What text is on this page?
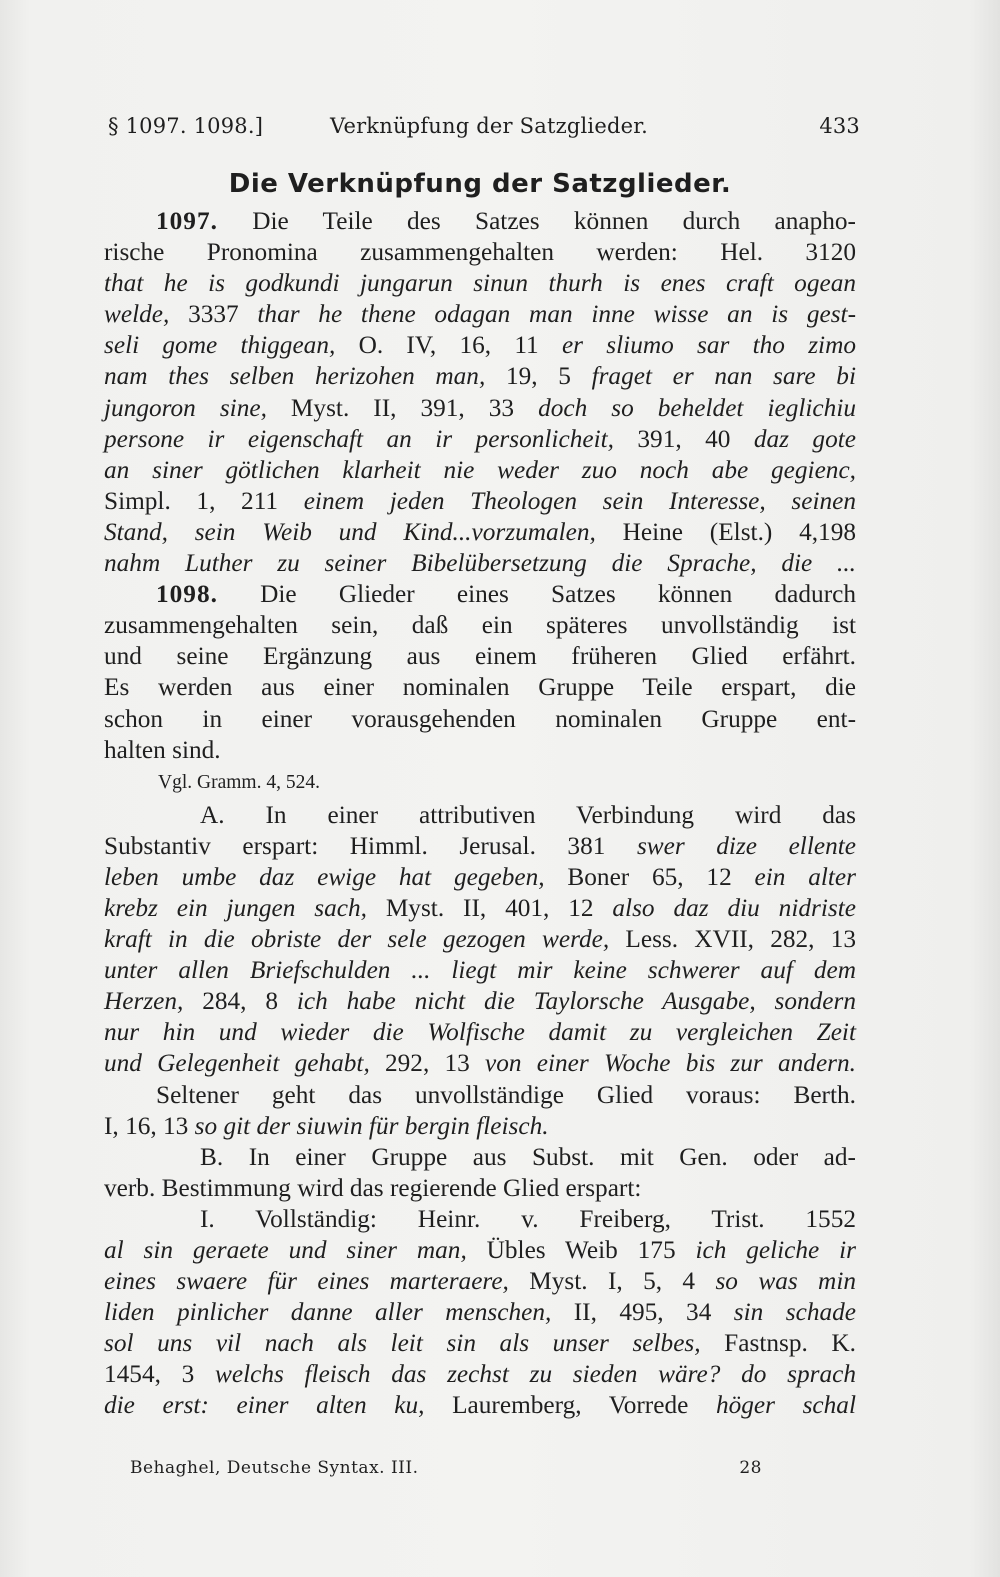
§ 1097. 1098.]	Verknüpfung der Satzglieder.	433
Die Verknüpfung der Satzglieder.
1097. Die Teile des Satzes können durch anapho-
rische Pronomina zusammengehalten werden: Hel. 3120
that he is godkundi jungarun sinun thurh is enes craft ogean
welde, 3337 thar he thene odagan man inne wisse an is gest-
seli gome thiggean, O. IV, 16, 11 er sliumo sar tho zimo
nam thes selben herizohen man, 19, 5 fraget er nan sare bi
jungoron sine, Myst. II, 391, 33 doch so beheldet ieglichiu
persone ir eigenschaft an ir personlicheit, 391, 40 daz gote
an siner götlichen klarheit nie weder zuo noch abe gegienc,
Simpl. 1, 211 einem jeden Theologen sein Interesse, seinen
Stand, sein Weib und Kind...vorzumalen, Heine (Elst.) 4,198
nahm Luther zu seiner Bibelübersetzung die Sprache, die ...
1098. Die Glieder eines Satzes können dadurch
zusammengehalten sein, daß ein späteres unvollständig ist
und seine Ergänzung aus einem früheren Glied erfährt.
Es werden aus einer nominalen Gruppe Teile erspart, die
schon in einer vorausgehenden nominalen Gruppe ent-
halten sind.
Vgl. Gramm. 4, 524.
A. In einer attributiven Verbindung wird das
Substantiv erspart: Himml. Jerusal. 381 swer dize ellente
leben umbe daz ewige hat gegeben, Boner 65, 12 ein alter
krebz ein jungen sach, Myst. II, 401, 12 also daz diu nidriste
kraft in die obriste der sele gezogen werde, Less. XVII, 282, 13
unter allen Briefschulden ... liegt mir keine schwerer auf dem
Herzen, 284, 8 ich habe nicht die Taylorsche Ausgabe, sondern
nur hin und wieder die Wolfische damit zu vergleichen Zeit
und Gelegenheit gehabt, 292, 13 von einer Woche bis zur andern.
Seltener geht das unvollständige Glied voraus: Berth.
I, 16, 13 so git der siuwin für bergin fleisch.
B. In einer Gruppe aus Subst. mit Gen. oder ad-
verb. Bestimmung wird das regierende Glied erspart:
I. Vollständig: Heinr. v. Freiberg, Trist. 1552
al sin geraete und siner man, Übles Weib 175 ich geliche ir
eines swaere für eines marteraere, Myst. I, 5, 4 so was min
liden pinlicher danne aller menschen, II, 495, 34 sin schade
sol uns vil nach als leit sin als unser selbes, Fastnsp. K.
1454, 3 welchs fleisch das zechst zu sieden wäre? do sprach
die erst: einer alten ku, Lauremberg, Vorrede höger schal
Behaghel, Deutsche Syntax. III.	28
